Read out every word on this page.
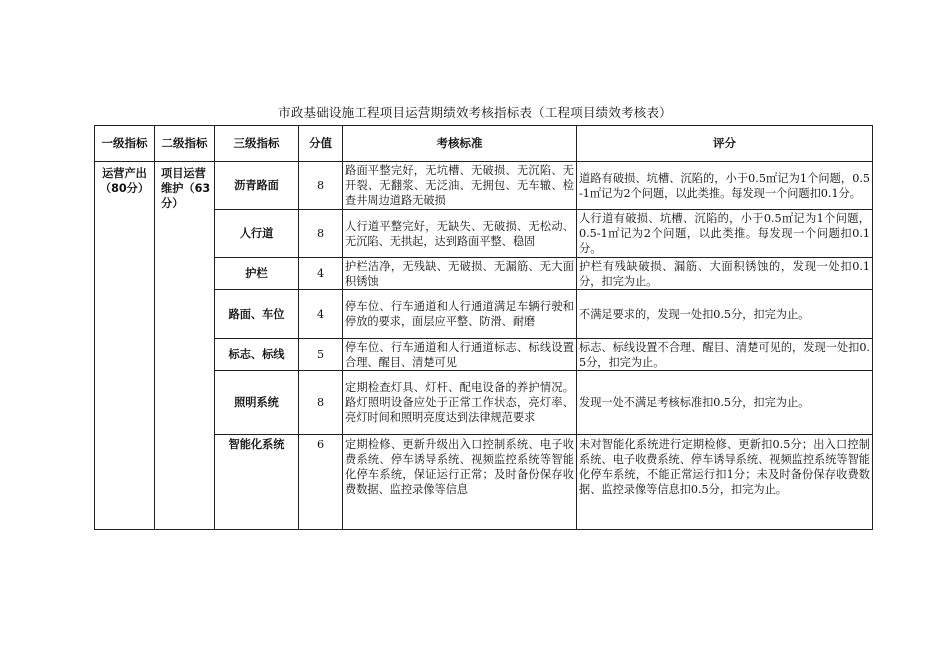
市政基础设施工程项目运营期绩效考核指标表（工程项目绩效考核表）
一级指标	二级指标	三级指标	分值	考核标准	评分
运营产出（80分）	项目运营维护（63分）	沥青路面	8	路面平整完好，无坑槽、无破损、无沉陷、无开裂、无翻浆、无泛油、无拥包、无车辙、检查井周边道路无破损	道路有破损、坑槽、沉陷的，小于0.5㎡记为1个问题，0.5-1㎡记为2个问题，以此类推。每发现一个问题扣0.1分。
		人行道	8	人行道平整完好，无缺失、无破损、无松动、无沉陷、无拱起，达到路面平整、稳固	人行道有破损、坑槽、沉陷的，小于0.5㎡记为1个问题，0.5-1㎡记为2个问题，以此类推。每发现一个问题扣0.1分。
		护栏	4	护栏洁净，无残缺、无破损、无漏筋、无大面积锈蚀	护栏有残缺破损、漏筋、大面积锈蚀的，发现一处扣0.1分，扣完为止。
		路面、车位	4	停车位、行车通道和人行通道满足车辆行驶和停放的要求，面层应平整、防滑、耐磨	不满足要求的，发现一处扣0.5分，扣完为止。
		标志、标线	5	停车位、行车通道和人行通道标志、标线设置合理、醒目、清楚可见	标志、标线设置不合理、醒目、清楚可见的，发现一处扣0.5分，扣完为止。
		照明系统	8	定期检查灯具、灯杆、配电设备的养护情况。路灯照明设备应处于正常工作状态，亮灯率、亮灯时间和照明亮度达到法律规范要求	发现一处不满足考核标准扣0.5分，扣完为止。
		智能化系统	6	定期检修、更新升级出入口控制系统、电子收费系统、停车诱导系统、视频监控系统等智能化停车系统，保证运行正常；及时备份保存收费数据、监控录像等信息	未对智能化系统进行定期检修、更新扣0.5分；出入口控制系统、电子收费系统、停车诱导系统、视频监控系统等智能化停车系统，不能正常运行扣1分；未及时备份保存收费数据、监控录像等信息扣0.5分，扣完为止。
